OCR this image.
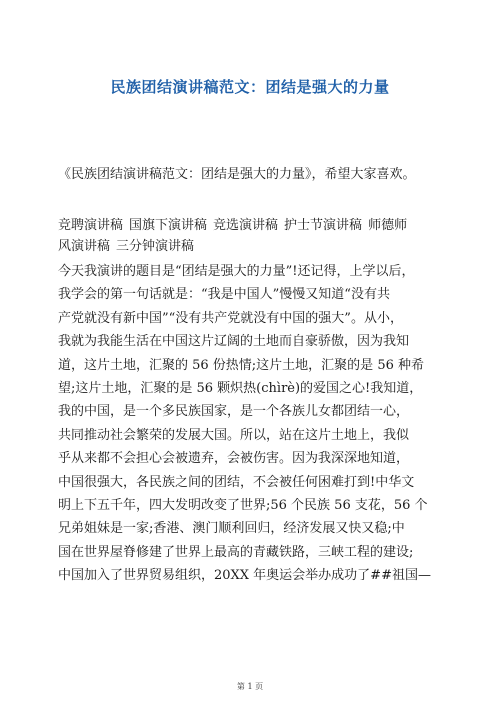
民族团结演讲稿范文：团结是强大的力量

《民族团结演讲稿范文：团结是强大的力量》，希望大家喜欢。

竞聘演讲稿 国旗下演讲稿 竞选演讲稿 护士节演讲稿 师德师
风演讲稿 三分钟演讲稿
今天我演讲的题目是“团结是强大的力量”!还记得，上学以后，
我学会的第一句话就是：“我是中国人”慢慢又知道“没有共
产党就没有新中国”“没有共产党就没有中国的强大”。从小，
我就为我能生活在中国这片辽阔的土地而自豪骄傲，因为我知
道，这片土地，汇聚的 56 份热情;这片土地，汇聚的是 56 种希
望;这片土地，汇聚的是 56 颗炽热(chìrè)的爱国之心!我知道，
我的中国，是一个多民族国家，是一个各族儿女都团结一心，
共同推动社会繁荣的发展大国。所以，站在这片土地上，我似
乎从来都不会担心会被遗弃，会被伤害。因为我深深地知道，
中国很强大，各民族之间的团结，不会被任何困难打到!中华文
明上下五千年，四大发明改变了世界;56 个民族 56 支花，56 个
兄弟姐妹是一家;香港、澳门顺利回归，经济发展又快又稳;中
国在世界屋脊修建了世界上最高的青藏铁路，三峡工程的建设;
中国加入了世界贸易组织，20XX 年奥运会举办成功了##祖国—

第 1 页
